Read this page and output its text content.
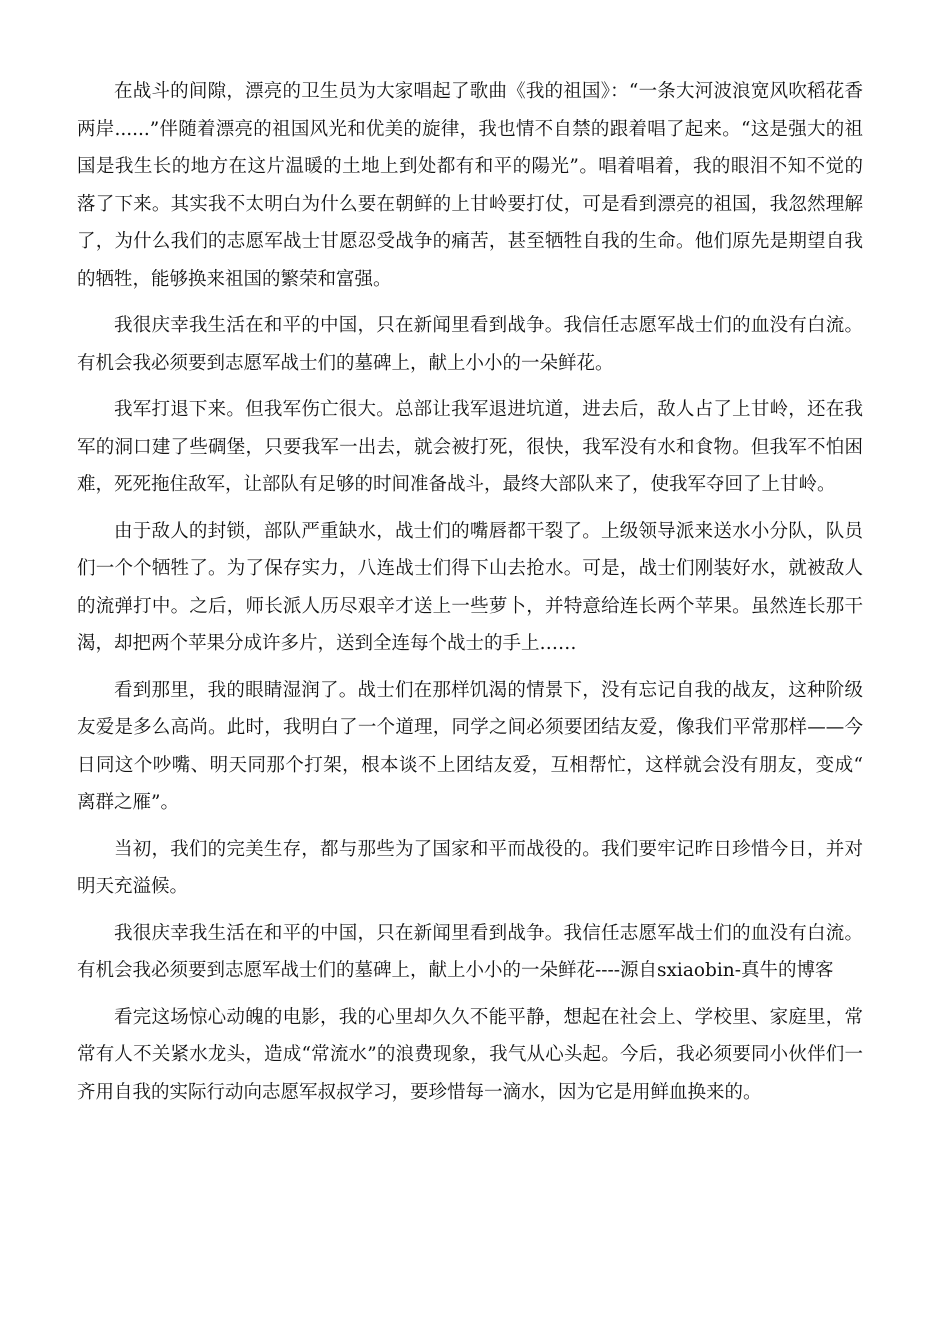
在战斗的间隙，漂亮的卫生员为大家唱起了歌曲《我的祖国》：“一条大河波浪宽风吹稻花香两岸......”伴随着漂亮的祖国风光和优美的旋律，我也情不自禁的跟着唱了起来。“这是强大的祖国是我生长的地方在这片温暖的土地上到处都有和平的陽光”。唱着唱着，我的眼泪不知不觉的落了下来。其实我不太明白为什么要在朝鲜的上甘岭要打仗，可是看到漂亮的祖国，我忽然理解了，为什么我们的志愿军战士甘愿忍受战争的痛苦，甚至牺牲自我的生命。他们原先是期望自我的牺牲，能够换来祖国的繁荣和富强。

我很庆幸我生活在和平的中国，只在新闻里看到战争。我信任志愿军战士们的血没有白流。有机会我必须要到志愿军战士们的墓碑上，献上小小的一朵鲜花。

我军打退下来。但我军伤亡很大。总部让我军退进坑道，进去后，敌人占了上甘岭，还在我军的洞口建了些碉堡，只要我军一出去，就会被打死，很快，我军没有水和食物。但我军不怕困难，死死拖住敌军，让部队有足够的时间准备战斗，最终大部队来了，使我军夺回了上甘岭。

由于敌人的封锁，部队严重缺水，战士们的嘴唇都干裂了。上级领导派来送水小分队，队员们一个个牺牲了。为了保存实力，八连战士们得下山去抢水。可是，战士们刚装好水，就被敌人的流弹打中。之后，师长派人历尽艰辛才送上一些萝卜，并特意给连长两个苹果。虽然连长那干渴，却把两个苹果分成许多片，送到全连每个战士的手上……

看到那里，我的眼睛湿润了。战士们在那样饥渴的情景下，没有忘记自我的战友，这种阶级友爱是多么高尚。此时，我明白了一个道理，同学之间必须要团结友爱，像我们平常那样——今日同这个吵嘴、明天同那个打架，根本谈不上团结友爱，互相帮忙，这样就会没有朋友，变成“离群之雁”。

当初，我们的完美生存，都与那些为了国家和平而战役的。我们要牢记昨日珍惜今日，并对明天充溢候。

我很庆幸我生活在和平的中国，只在新闻里看到战争。我信任志愿军战士们的血没有白流。有机会我必须要到志愿军战士们的墓碑上，献上小小的一朵鲜花----源自sxiaobin-真牛的博客

看完这场惊心动魄的电影，我的心里却久久不能平静，想起在社会上、学校里、家庭里，常常有人不关紧水龙头，造成“常流水”的浪费现象，我气从心头起。今后，我必须要同小伙伴们一齐用自我的实际行动向志愿军叔叔学习，要珍惜每一滴水，因为它是用鲜血换来的。
